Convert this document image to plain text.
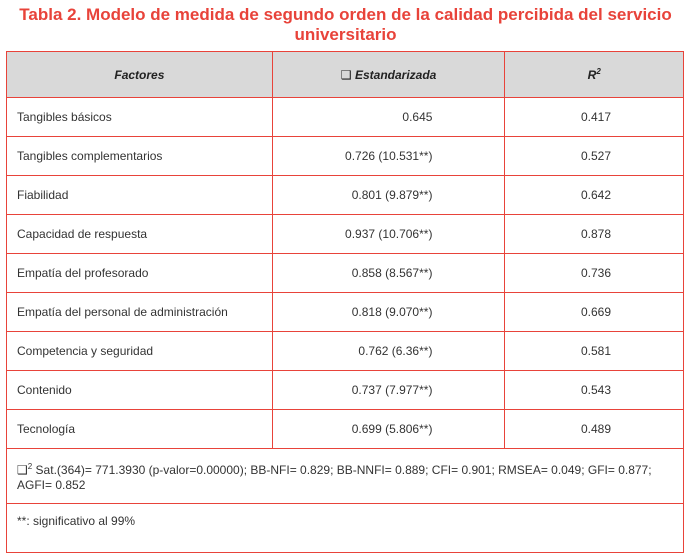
Tabla 2. Modelo de medida de segundo orden de la calidad percibida del servicio
universitario
Factores	❑ Estandarizada	$R^2$
Tangibles básicos	0.645	0.417
Tangibles complementarios	0.726 (10.531**)	0.527
Fiabilidad	0.801 (9.879**)	0.642
Capacidad de respuesta	0.937 (10.706**)	0.878
Empatía del profesorado	0.858 (8.567**)	0.736
Empatía del personal de administración	0.818 (9.070**)	0.669
Competencia y seguridad	0.762 (6.36**)	0.581
Contenido	0.737 (7.977**)	0.543
Tecnología	0.699 (5.806**)	0.489
❑$^2$ Sat.(364)= 771.3930 (p-valor=0.00000); BB-NFI= 0.829; BB-NNFI= 0.889; CFI= 0.901; RMSEA= 0.049; GFI= 0.877;
AGFI= 0.852		
**: significativo al 99%		
